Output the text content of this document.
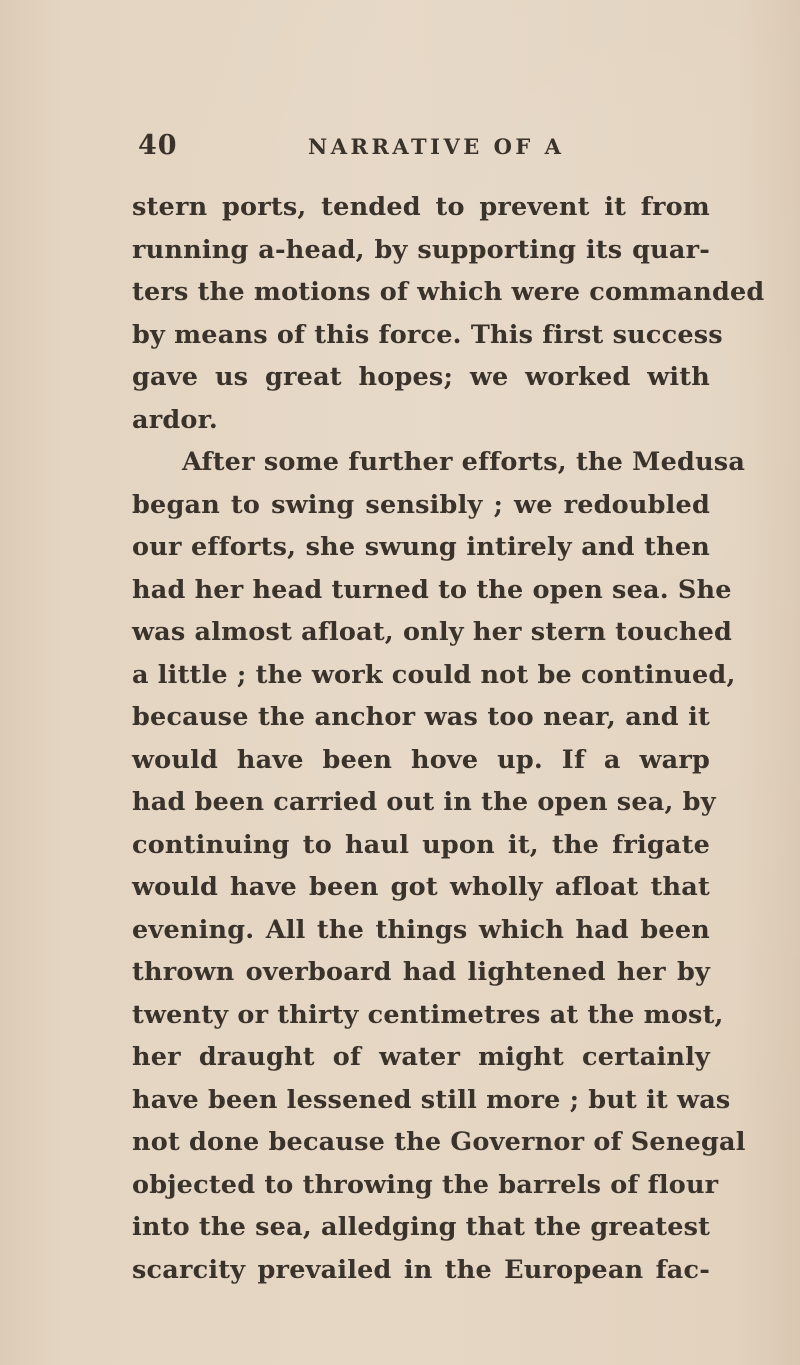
40	NARRATIVE OF A
stern ports, tended to prevent it from
running a-head, by supporting its quar-
ters the motions of which were commanded
by means of this force. This first success
gave us great hopes; we worked with
ardor.
After some further efforts, the Medusa
began to swing sensibly ; we redoubled
our efforts, she swung intirely and then
had her head turned to the open sea. She
was almost afloat, only her stern touched
a little ; the work could not be continued,
because the anchor was too near, and it
would have been hove up. If a warp
had been carried out in the open sea, by
continuing to haul upon it, the frigate
would have been got wholly afloat that
evening. All the things which had been
thrown overboard had lightened her by
twenty or thirty centimetres at the most,
her draught of water might certainly
have been lessened still more ; but it was
not done because the Governor of Senegal
objected to throwing the barrels of flour
into the sea, alledging that the greatest
scarcity prevailed in the European fac-
